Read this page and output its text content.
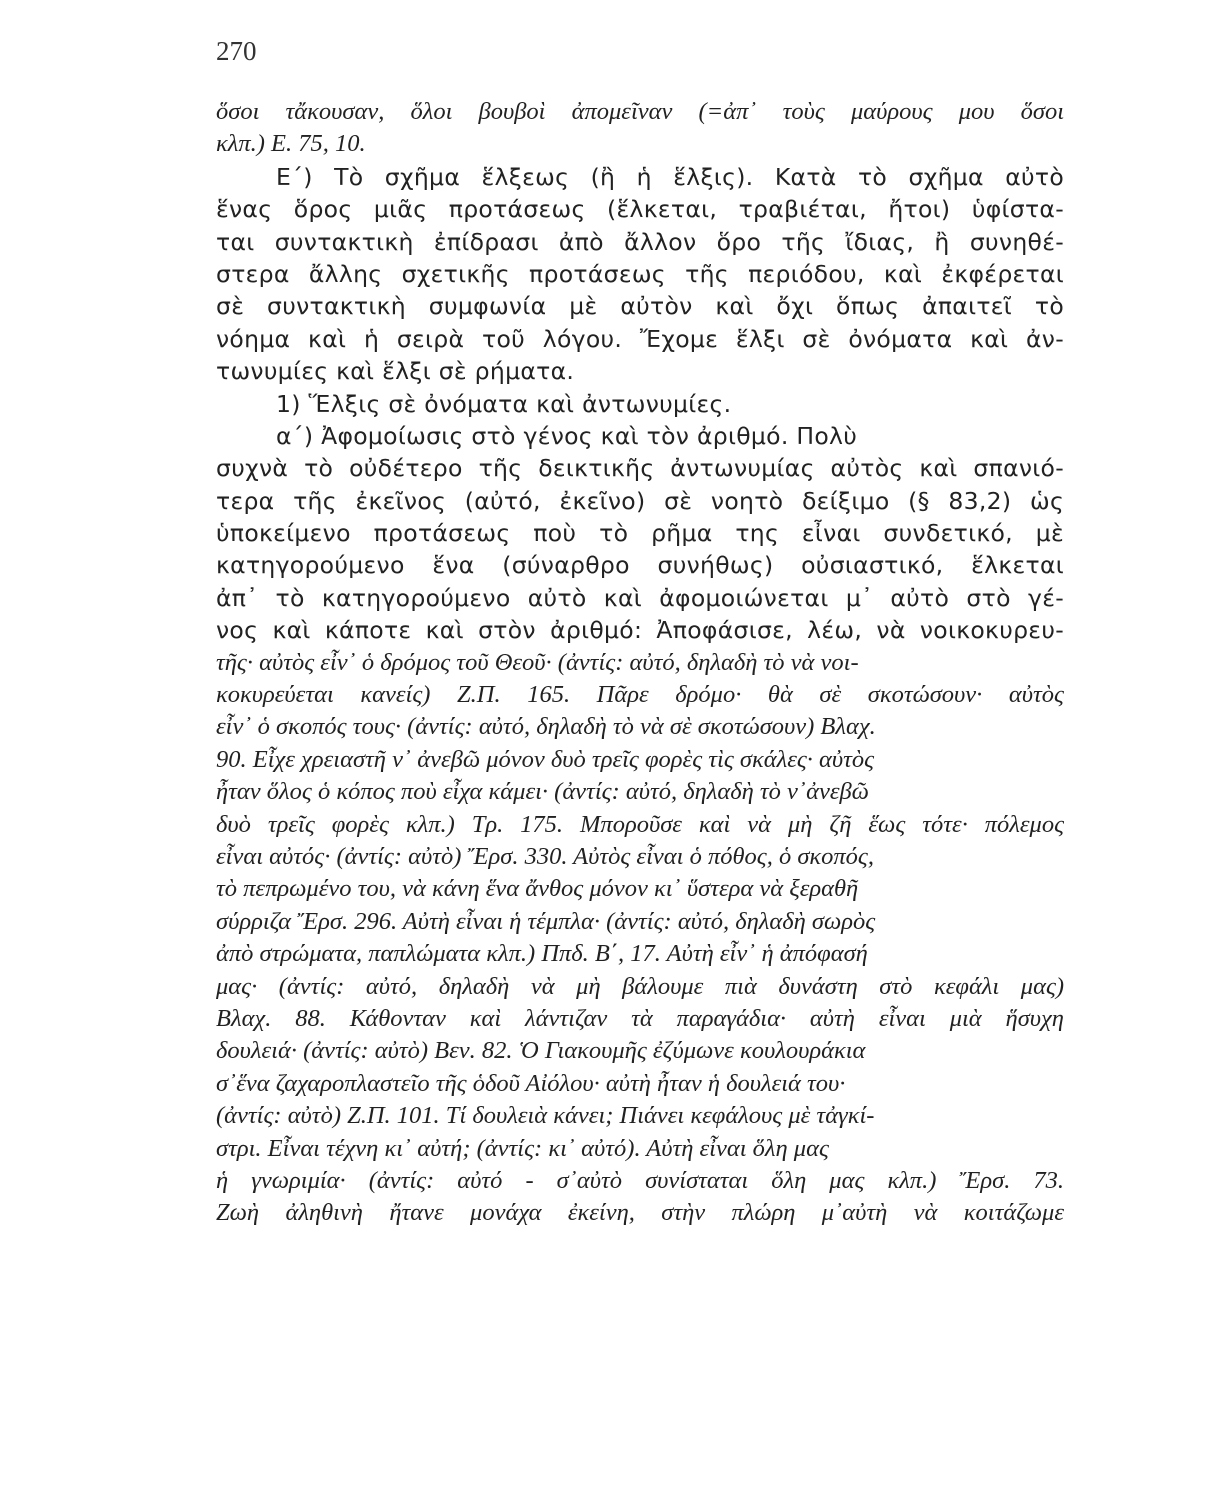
270
ὅσοι τἄκουσαν, ὅλοι βουβοὶ ἀπομεῖναν (=ἀπ᾿ τοὺς μαύρους μου ὅσοι
κλπ.) Ε. 75, 10.
Ε΄) Τὸ σχῆμα ἕλξεως (ἢ ἡ ἕλξις). Κατὰ τὸ σχῆμα αὐτὸ
ἕνας ὅρος μιᾶς προτάσεως (ἕλκεται, τραβιέται, ἤτοι) ὑφίστα-
ται συντακτικὴ ἐπίδρασι ἀπὸ ἄλλον ὅρο τῆς ἴδιας, ἢ συνηθέ-
στερα ἄλλης σχετικῆς προτάσεως τῆς περιόδου, καὶ ἐκφέρεται
σὲ συντακτικὴ συμφωνία μὲ αὐτὸν καὶ ὄχι ὅπως ἀπαιτεῖ τὸ
νόημα καὶ ἡ σειρὰ τοῦ λόγου. Ἔχομε ἕλξι σὲ ὀνόματα καὶ ἀν-
τωνυμίες καὶ ἕλξι σὲ ρήματα.
1) Ἕλξις σὲ ὀνόματα καὶ ἀντωνυμίες.
α΄) Ἀφομοίωσις στὸ γένος καὶ τὸν ἀριθμό. Πολὺ
συχνὰ τὸ οὐδέτερο τῆς δεικτικῆς ἀντωνυμίας αὐτὸς καὶ σπανιό-
τερα τῆς ἐκεῖνος (αὐτό, ἐκεῖνο) σὲ νοητὸ δείξιμο (§ 83,2) ὡς
ὑποκείμενο προτάσεως ποὺ τὸ ρῆμα της εἶναι συνδετικό, μὲ
κατηγορούμενο ἕνα (σύναρθρο συνήθως) οὐσιαστικό, ἕλκεται
ἀπ᾿ τὸ κατηγορούμενο αὐτὸ καὶ ἀφομοιώνεται μ᾿ αὐτὸ στὸ γέ-
νος καὶ κάποτε καὶ στὸν ἀριθμό: Ἀποφάσισε, λέω, νὰ νοικοκυρευ-
τῆς· αὐτὸς εἶν᾿ ὁ δρόμος τοῦ Θεοῦ· (ἀντίς: αὐτό, δηλαδὴ τὸ νὰ νοι-
κοκυρεύεται κανείς) Ζ.Π. 165. Πᾶρε δρόμο· θὰ σὲ σκοτώσουν· αὐτὸς
εἶν᾿ ὁ σκοπός τους· (ἀντίς: αὐτό, δηλαδὴ τὸ νὰ σὲ σκοτώσουν) Βλαχ.
90. Εἶχε χρειαστῆ ν᾿ ἀνεβῶ μόνον δυὸ τρεῖς φορὲς τὶς σκάλες· αὐτὸς
ἦταν ὅλος ὁ κόπος ποὺ εἶχα κάμει· (ἀντίς: αὐτό, δηλαδὴ τὸ ν᾿ἀνεβῶ
δυὸ τρεῖς φορὲς κλπ.) Τρ. 175. Μποροῦσε καὶ νὰ μὴ ζῆ ἕως τότε· πόλεμος
εἶναι αὐτός· (ἀντίς: αὐτὸ) Ἔρσ. 330. Αὐτὸς εἶναι ὁ πόθος, ὁ σκοπός,
τὸ πεπρωμένο του, νὰ κάνη ἕνα ἄνθος μόνον κι᾿ ὕστερα νὰ ξεραθῆ
σύρριζα Ἔρσ. 296. Αὐτὴ εἶναι ἡ τέμπλα· (ἀντίς: αὐτό, δηλαδὴ σωρὸς
ἀπὸ στρώματα, παπλώματα κλπ.) Ππδ. Β΄, 17. Αὐτὴ εἶν᾿ ἡ ἀπόφασή
μας· (ἀντίς: αὐτό, δηλαδὴ νὰ μὴ βάλουμε πιὰ δυνάστη στὸ κεφάλι μας)
Βλαχ. 88. Κάθονταν καὶ λάντιζαν τὰ παραγάδια· αὐτὴ εἶναι μιὰ ἥσυχη
δουλειά· (ἀντίς: αὐτὸ) Βεν. 82. Ὁ Γιακουμῆς ἐζύμωνε κουλουράκια
σ᾿ἕνα ζαχαροπλαστεῖο τῆς ὁδοῦ Αἰόλου· αὐτὴ ἦταν ἡ δουλειά του·
(ἀντίς: αὐτὸ) Ζ.Π. 101. Τί δουλειὰ κάνει; Πιάνει κεφάλους μὲ τἀγκί-
στρι. Εἶναι τέχνη κι᾿ αὐτή; (ἀντίς: κι᾿ αὐτό). Αὐτὴ εἶναι ὅλη μας
ἡ γνωριμία· (ἀντίς: αὐτό - σ᾿αὐτὸ συνίσταται ὅλη μας κλπ.) Ἔρσ. 73.
Ζωὴ ἀληθινὴ ἤτανε μονάχα ἐκείνη, στὴν πλώρη μ᾿αὐτὴ νὰ κοιτάζωμε
